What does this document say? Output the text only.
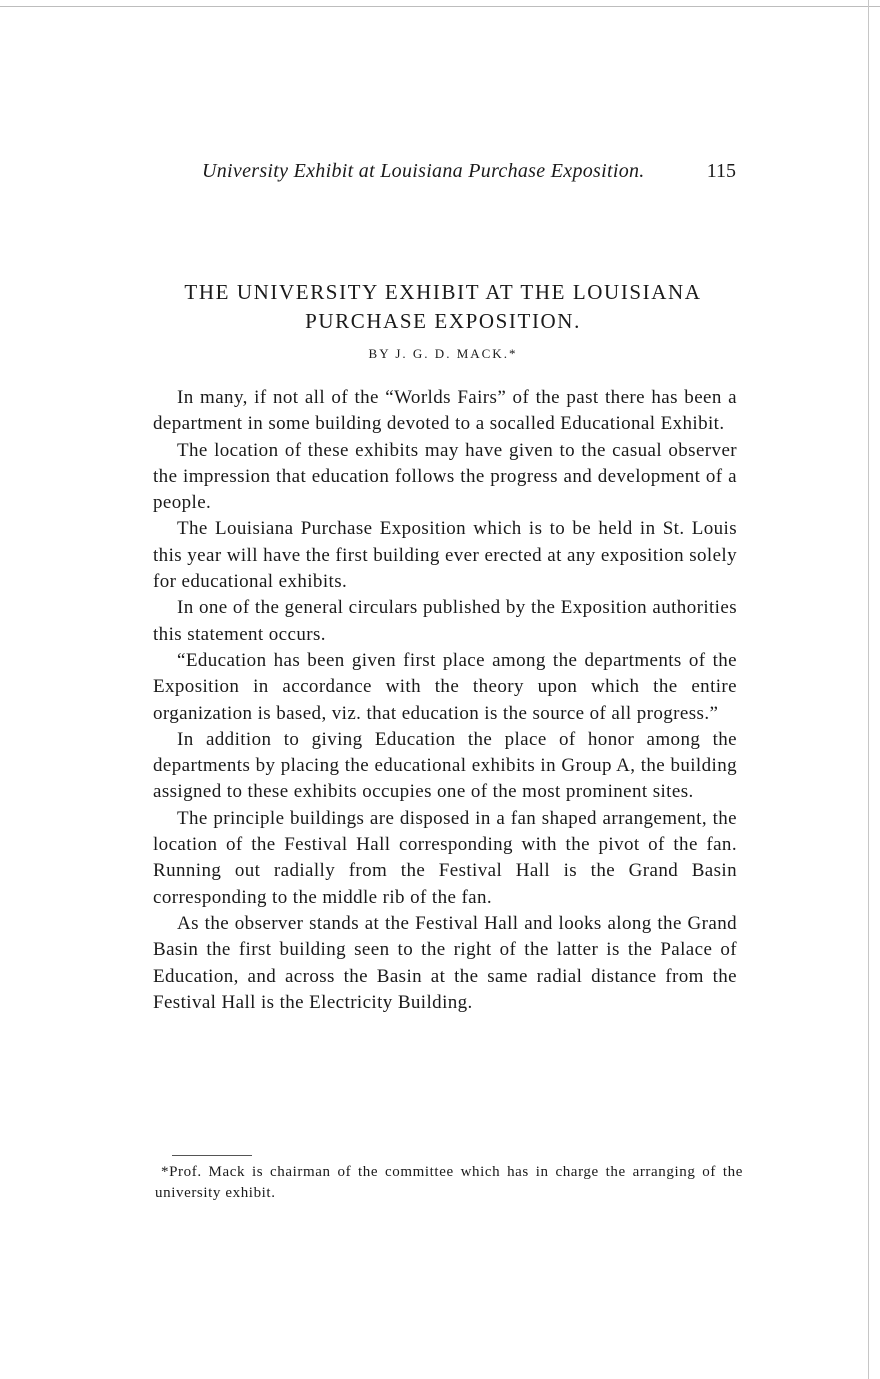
University Exhibit at Louisiana Purchase Exposition.	115
THE UNIVERSITY EXHIBIT AT THE LOUISIANA
PURCHASE EXPOSITION.
BY J. G. D. MACK.*

In many, if not all of the “Worlds Fairs” of the past there has been a department in some building devoted to a socalled Educational Exhibit.

The location of these exhibits may have given to the casual observer the impression that education follows the progress and development of a people.

The Louisiana Purchase Exposition which is to be held in St. Louis this year will have the first building ever erected at any exposition solely for educational exhibits.

In one of the general circulars published by the Exposition authorities this statement occurs.

“Education has been given first place among the departments of the Exposition in accordance with the theory upon which the entire organization is based, viz. that education is the source of all progress.”

In addition to giving Education the place of honor among the departments by placing the educational exhibits in Group A, the building assigned to these exhibits occupies one of the most prominent sites.

The principle buildings are disposed in a fan shaped arrangement, the location of the Festival Hall corresponding with the pivot of the fan. Running out radially from the Festival Hall is the Grand Basin corresponding to the middle rib of the fan.

As the observer stands at the Festival Hall and looks along the Grand Basin the first building seen to the right of the latter is the Palace of Education, and across the Basin at the same radial distance from the Festival Hall is the Electricity Building.

*Prof. Mack is chairman of the committee which has in charge the arranging of the university exhibit.
